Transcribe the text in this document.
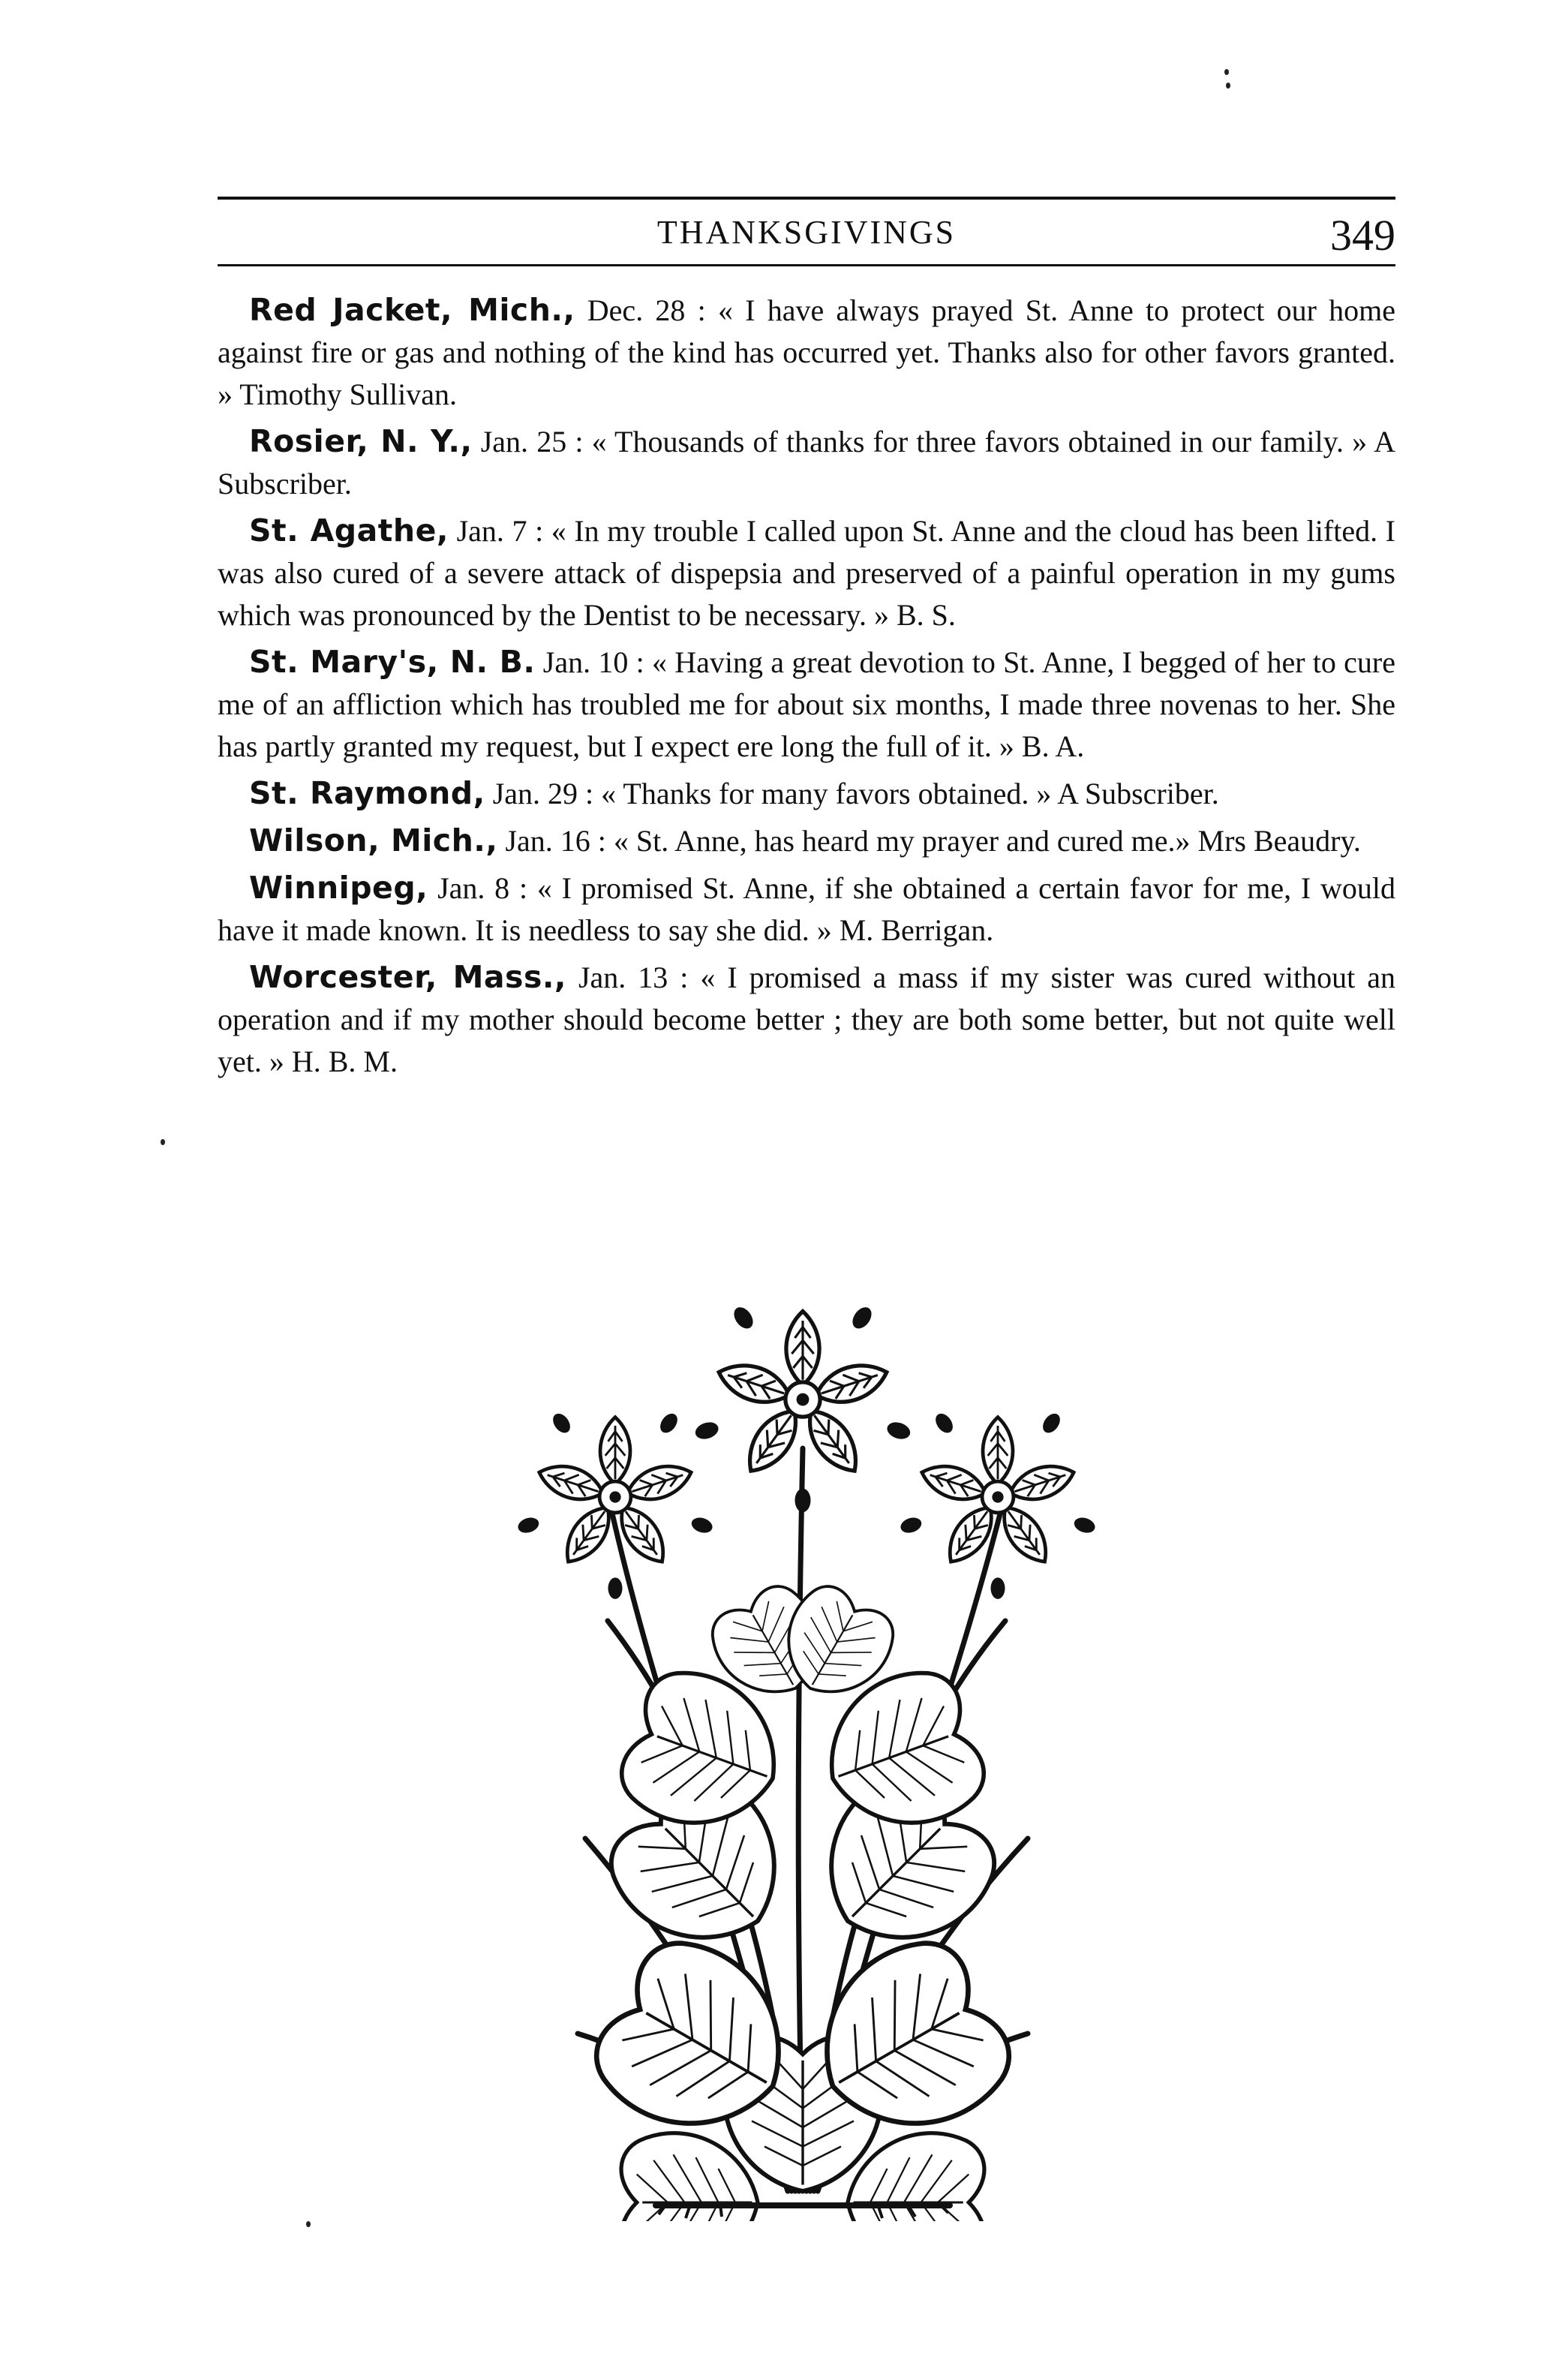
THANKSGIVINGS	349

Red Jacket, Mich., Dec. 28 : « I have always prayed St. Anne to protect our home against fire or gas and nothing of the kind has occurred yet. Thanks also for other favors granted. » Timothy Sullivan.

Rosier, N. Y., Jan. 25 : « Thousands of thanks for three favors obtained in our family. » A Subscriber.

St. Agathe, Jan. 7 : « In my trouble I called upon St. Anne and the cloud has been lifted. I was also cured of a severe attack of dispepsia and preserved of a painful operation in my gums which was pronounced by the Dentist to be necessary. » B. S.

St. Mary's, N. B. Jan. 10 : « Having a great devotion to St. Anne, I begged of her to cure me of an affliction which has troubled me for about six months, I made three novenas to her. She has partly granted my request, but I expect ere long the full of it. » B. A.

St. Raymond, Jan. 29 : « Thanks for many favors obtained. » A Subscriber.

Wilson, Mich., Jan. 16 : « St. Anne, has heard my prayer and cured me.» Mrs Beaudry.

Winnipeg, Jan. 8 : « I promised St. Anne, if she obtained a certain favor for me, I would have it made known. It is needless to say she did. » M. Berrigan.

Worcester, Mass., Jan. 13 : « I promised a mass if my sister was cured without an operation and if my mother should become better ; they are both some better, but not quite well yet. » H. B. M.
